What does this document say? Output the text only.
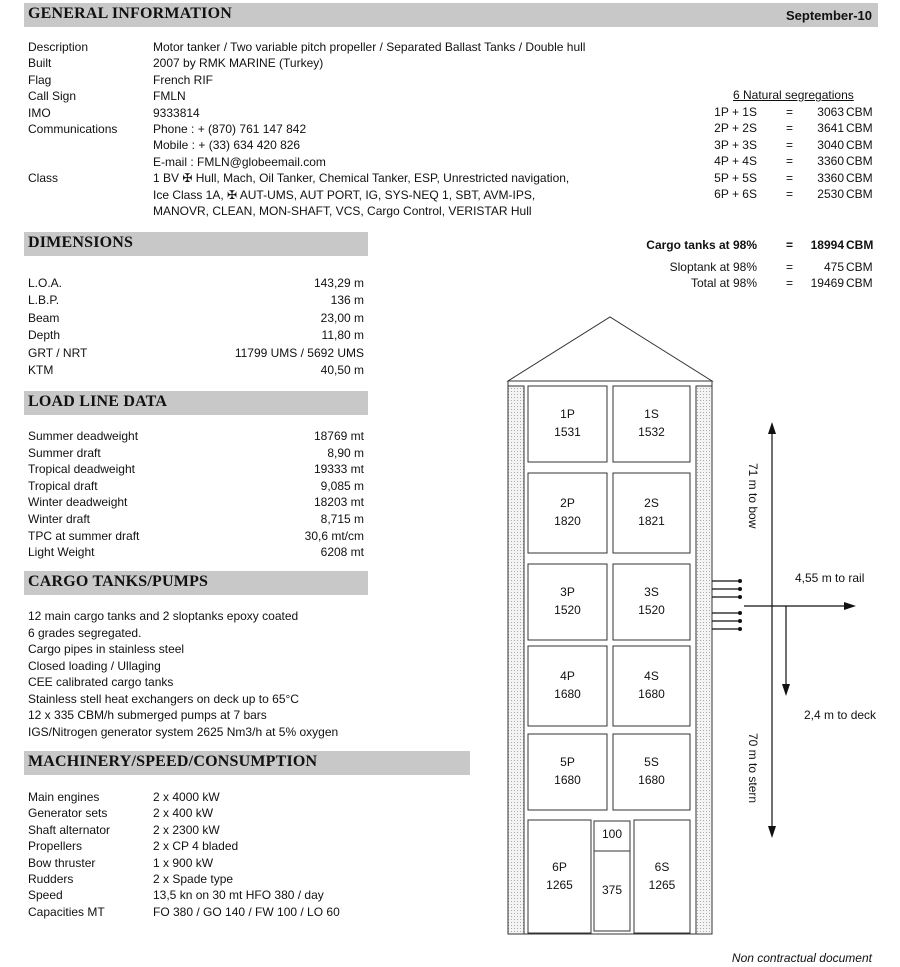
GENERAL INFORMATION	September-10
Description	Motor tanker / Two variable pitch propeller / Separated Ballast Tanks / Double hull
Built	2007 by RMK MARINE (Turkey)
Flag	French RIF
Call Sign	FMLN
IMO	9333814
Communications	Phone : + (870) 761 147 842
Mobile : + (33) 634 420 826
E-mail : FMLN@globeemail.com
Class	1 BV ✠ Hull, Mach, Oil Tanker, Chemical Tanker, ESP, Unrestricted navigation,
Ice Class 1A, ✠ AUT-UMS, AUT PORT, IG, SYS-NEQ 1, SBT, AVM-IPS,
MANOVR, CLEAN, MON-SHAFT, VCS, Cargo Control, VERISTAR Hull
6 Natural segregations
1P + 1S = 3063 CBM
2P + 2S = 3641 CBM
3P + 3S = 3040 CBM
4P + 4S = 3360 CBM
5P + 5S = 3360 CBM
6P + 6S = 2530 CBM
Cargo tanks at 98% = 18994 CBM
Sloptank at 98% =	475 CBM
Total at 98% = 19469 CBM
DIMENSIONS
L.O.A.	143,29 m
L.B.P.	136 m
Beam	23,00 m
Depth	11,80 m
GRT / NRT	11799 UMS / 5692 UMS
KTM	40,50 m
LOAD LINE DATA
Summer deadweight	18769 mt
Summer draft	8,90 m
Tropical deadweight	19333 mt
Tropical draft	9,085 m
Winter deadweight	18203 mt
Winter draft	8,715 m
TPC at summer draft	30,6 mt/cm
Light Weight	6208 mt
CARGO TANKS/PUMPS
12 main cargo tanks and 2 sloptanks epoxy coated
6 grades segregated.
Cargo pipes in stainless steel
Closed loading / Ullaging
CEE calibrated cargo tanks
Stainless stell heat exchangers on deck up to 65°C
12 x 335 CBM/h submerged pumps at 7 bars
IGS/Nitrogen generator system 2625 Nm3/h at 5% oxygen
MACHINERY/SPEED/CONSUMPTION
Main engines	2 x 4000 kW
Generator sets	2 x 400 kW
Shaft alternator	2 x 2300 kW
Propellers	2 x CP 4 bladed
Bow thruster	1 x 900 kW
Rudders	2 x Spade type
Speed	13,5 kn on 30 mt HFO 380 / day
Capacities MT	FO 380 / GO 140 / FW 100 / LO 60
1P
1531
1S
1532
2P
1820
2S
1821
3P
1520
3S
1520
4P
1680
4S
1680
5P
1680
5S
1680
6P
1265
6S
1265
100
375
71 m to bow
70 m to stern
4,55 m to rail
2,4 m to deck
Non contractual document
